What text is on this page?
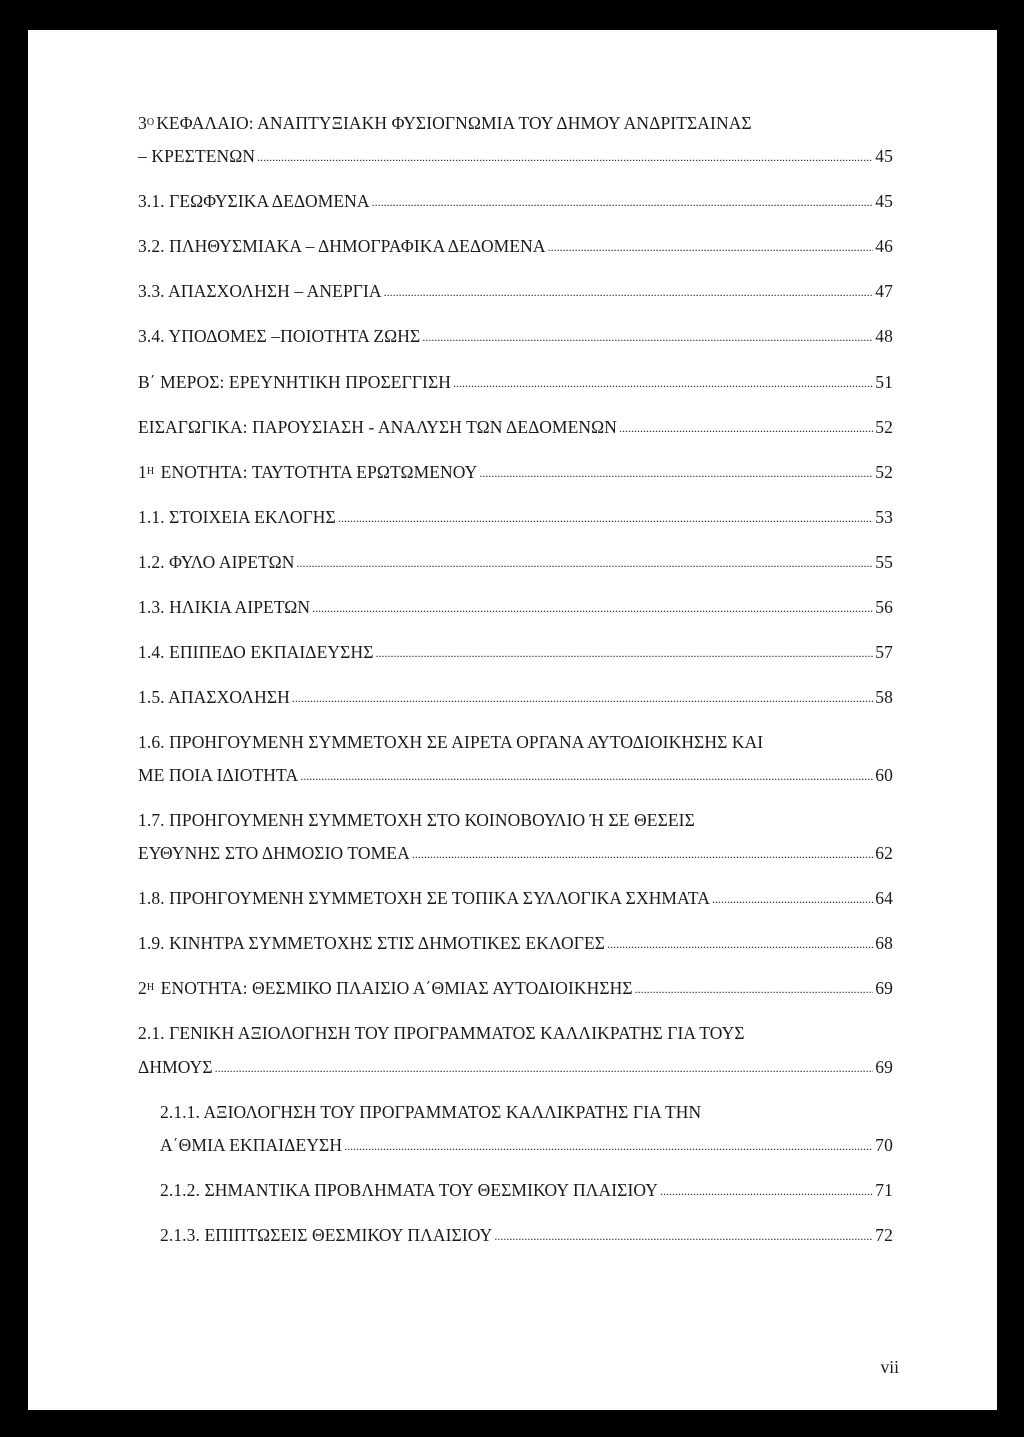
$3^O$ ΚΕΦΑΛΑΙΟ: ΑΝΑΠΤΥΞΙΑΚΗ ΦΥΣΙΟΓΝΩΜΙΑ ΤΟΥ ΔΗΜΟΥ ΑΝΔΡΙΤΣΑΙΝΑΣ
– ΚΡΕΣΤΕΝΩΝ .....	45
3.1. ΓΕΩΦΥΣΙΚΑ ΔΕΔΟΜΕΝΑ .....	45
3.2. ΠΛΗΘΥΣΜΙΑΚΑ – ΔΗΜΟΓΡΑΦΙΚΑ ΔΕΔΟΜΕΝΑ .....	46
3.3. ΑΠΑΣΧΟΛΗΣΗ – ΑΝΕΡΓΙΑ .....	47
3.4. ΥΠΟΔΟΜΕΣ –ΠΟΙΟΤΗΤΑ ΖΩΗΣ .....	48
Β΄ ΜΕΡΟΣ: ΕΡΕΥΝΗΤΙΚΗ ΠΡΟΣΕΓΓΙΣΗ .....	51
ΕΙΣΑΓΩΓΙΚΑ: ΠΑΡΟΥΣΙΑΣΗ - ΑΝΑΛΥΣΗ ΤΩΝ ΔΕΔΟΜΕΝΩΝ .....	52
$1^H$ ΕΝΟΤΗΤΑ: ΤΑΥΤΟΤΗΤΑ ΕΡΩΤΩΜΕΝΟΥ .....	52
1.1. ΣΤΟΙΧΕΙΑ ΕΚΛΟΓΗΣ .....	53
1.2. ΦΥΛΟ ΑΙΡΕΤΩΝ .....	55
1.3. ΗΛΙΚΙΑ ΑΙΡΕΤΩΝ .....	56
1.4. ΕΠΙΠΕΔΟ ΕΚΠΑΙΔΕΥΣΗΣ .....	57
1.5. ΑΠΑΣΧΟΛΗΣΗ .....	58
1.6. ΠΡΟΗΓΟΥΜΕΝΗ ΣΥΜΜΕΤΟΧΗ ΣΕ ΑΙΡΕΤΑ ΟΡΓΑΝΑ ΑΥΤΟΔΙΟΙΚΗΣΗΣ ΚΑΙ
ΜΕ ΠΟΙΑ ΙΔΙΟΤΗΤΑ .....	60
1.7. ΠΡΟΗΓΟΥΜΕΝΗ ΣΥΜΜΕΤΟΧΗ ΣΤΟ ΚΟΙΝΟΒΟΥΛΙΟ Ή ΣΕ ΘΕΣΕΙΣ
ΕΥΘΥΝΗΣ ΣΤΟ ΔΗΜΟΣΙΟ ΤΟΜΕΑ .....	62
1.8. ΠΡΟΗΓΟΥΜΕΝΗ ΣΥΜΜΕΤΟΧΗ ΣΕ ΤΟΠΙΚΑ ΣΥΛΛΟΓΙΚΑ ΣΧΗΜΑΤΑ .....	64
1.9. ΚΙΝΗΤΡΑ ΣΥΜΜΕΤΟΧΗΣ ΣΤΙΣ ΔΗΜΟΤΙΚΕΣ ΕΚΛΟΓΕΣ .....	68
$2^H$ ΕΝΟΤΗΤΑ: ΘΕΣΜΙΚΟ ΠΛΑΙΣΙΟ Α΄ΘΜΙΑΣ ΑΥΤΟΔΙΟΙΚΗΣΗΣ .....	69
2.1. ΓΕΝΙΚΗ ΑΞΙΟΛΟΓΗΣΗ ΤΟΥ ΠΡΟΓΡΑΜΜΑΤΟΣ ΚΑΛΛΙΚΡΑΤΗΣ ΓΙΑ ΤΟΥΣ
ΔΗΜΟΥΣ .....	69
2.1.1. ΑΞΙΟΛΟΓΗΣΗ ΤΟΥ ΠΡΟΓΡΑΜΜΑΤΟΣ ΚΑΛΛΙΚΡΑΤΗΣ ΓΙΑ ΤΗΝ
Α΄ΘΜΙΑ ΕΚΠΑΙΔΕΥΣΗ .....	70
2.1.2. ΣΗΜΑΝΤΙΚΑ ΠΡΟΒΛΗΜΑΤΑ ΤΟΥ ΘΕΣΜΙΚΟΥ ΠΛΑΙΣΙΟΥ .....	71
2.1.3. ΕΠΙΠΤΩΣΕΙΣ ΘΕΣΜΙΚΟΥ ΠΛΑΙΣΙΟΥ .....	72
vii
